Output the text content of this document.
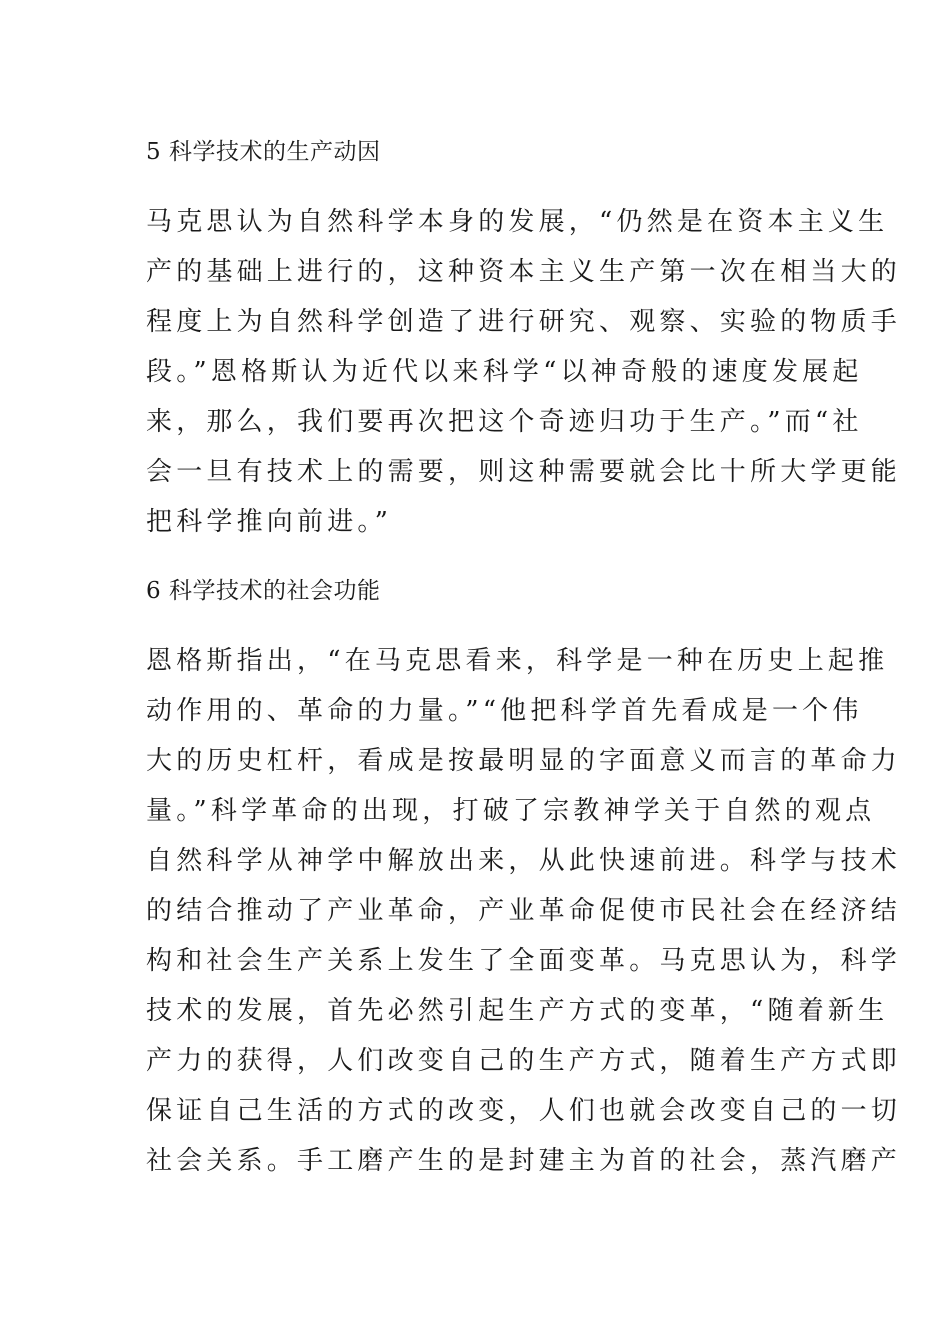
5 科学技术的生产动因
马克思认为自然科学本身的发展，“仍然是在资本主义生
产的基础上进行的，这种资本主义生产第一次在相当大的
程度上为自然科学创造了进行研究、观察、实验的物质手
段。”恩格斯认为近代以来科学“以神奇般的速度发展起
来，那么，我们要再次把这个奇迹归功于生产。”而“社
会一旦有技术上的需要，则这种需要就会比十所大学更能
把科学推向前进。”
6 科学技术的社会功能
恩格斯指出，“在马克思看来，科学是一种在历史上起推
动作用的、革命的力量。”“他把科学首先看成是一个伟
大的历史杠杆，看成是按最明显的字面意义而言的革命力
量。”科学革命的出现，打破了宗教神学关于自然的观点
自然科学从神学中解放出来，从此快速前进。科学与技术
的结合推动了产业革命，产业革命促使市民社会在经济结
构和社会生产关系上发生了全面变革。马克思认为，科学
技术的发展，首先必然引起生产方式的变革，“随着新生
产力的获得，人们改变自己的生产方式，随着生产方式即
保证自己生活的方式的改变，人们也就会改变自己的一切
社会关系。手工磨产生的是封建主为首的社会，蒸汽磨产
